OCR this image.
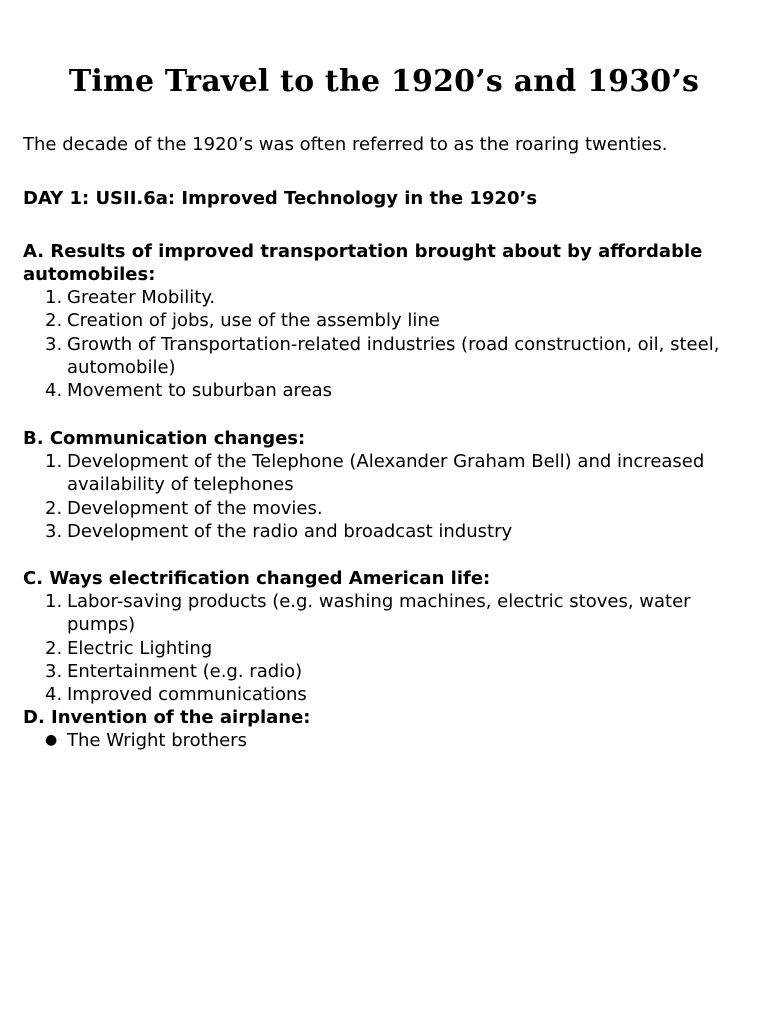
Time Travel to the 1920’s and 1930’s
The decade of the 1920’s was often referred to as the roaring twenties.
DAY 1: USII.6a: Improved Technology in the 1920’s
A. Results of improved transportation brought about by affordable
automobiles:
1. Greater Mobility.
2. Creation of jobs, use of the assembly line
3. Growth of Transportation-related industries (road construction, oil, steel,
automobile)
4. Movement to suburban areas
B. Communication changes:
1. Development of the Telephone (Alexander Graham Bell) and increased
availability of telephones
2. Development of the movies.
3. Development of the radio and broadcast industry
C. Ways electrification changed American life:
1. Labor-saving products (e.g. washing machines, electric stoves, water pumps)
2. Electric Lighting
3. Entertainment (e.g. radio)
4. Improved communications
D. Invention of the airplane:
● The Wright brothers
